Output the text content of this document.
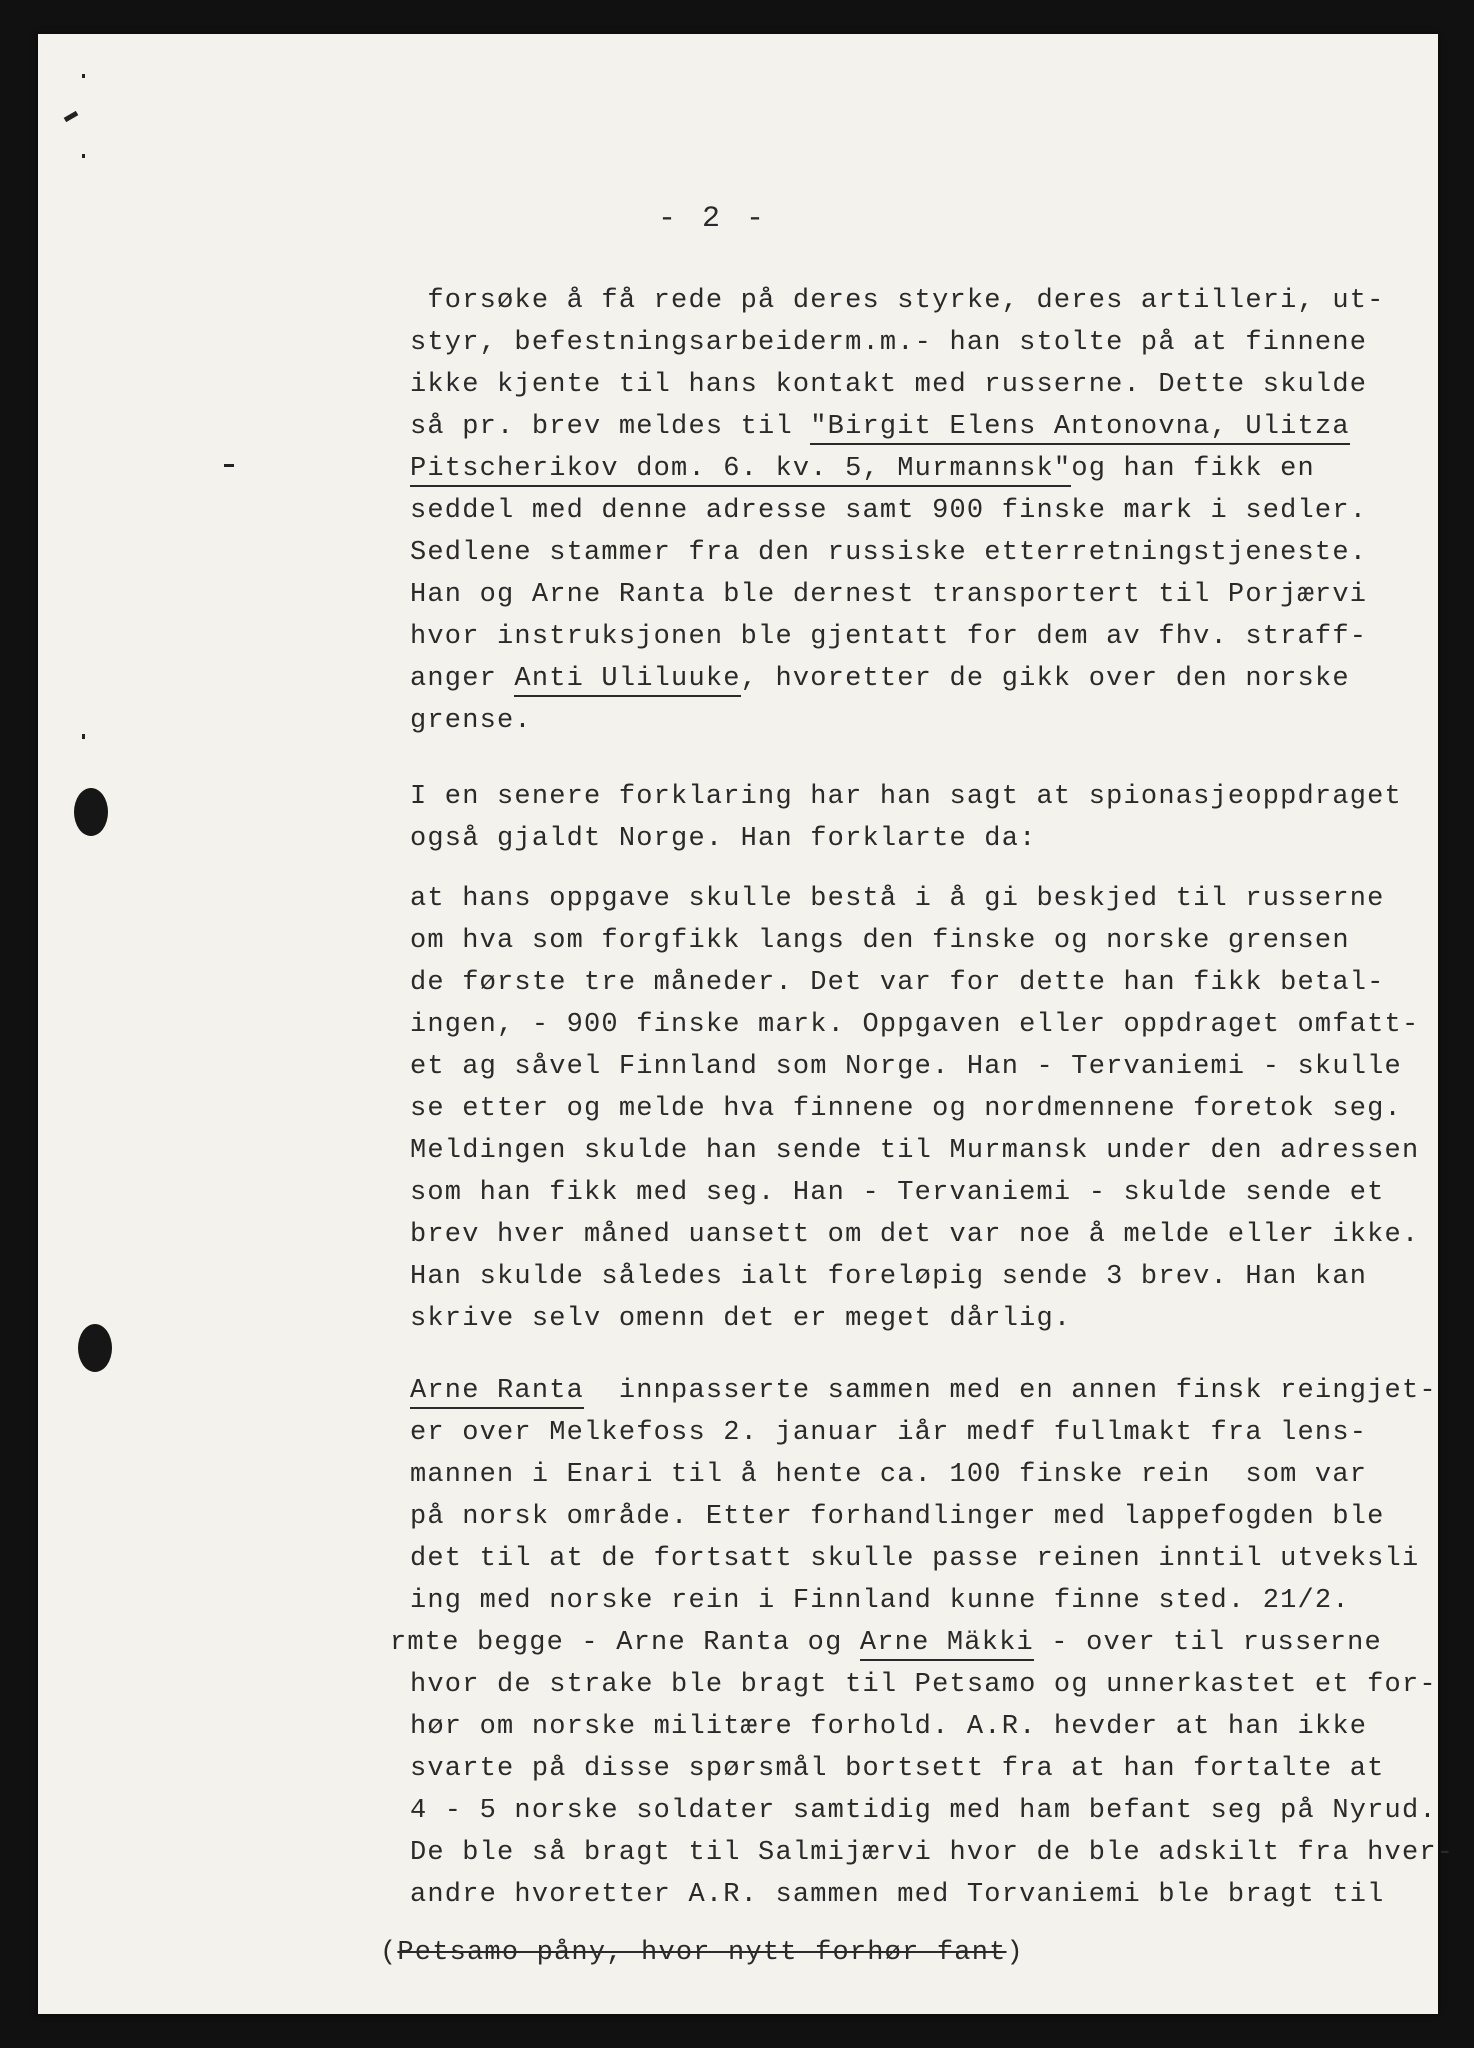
- 2 -
forsøke å få rede på deres styrke, deres artilleri, ut-
styr, befestningsarbeiderm.m.- han stolte på at finnene
ikke kjente til hans kontakt med russerne. Dette skulde
så pr. brev meldes til "Birgit Elens Antonovna, Ulitza
Pitscherikov dom. 6. kv. 5, Murmannsk"og han fikk en
seddel med denne adresse samt 900 finske mark i sedler.
Sedlene stammer fra den russiske etterretningstjeneste.
Han og Arne Ranta ble dernest transportert til Porjærvi
hvor instruksjonen ble gjentatt for dem av fhv. straff-
anger Anti Uliluuke, hvoretter de gikk over den norske
grense.
I en senere forklaring har han sagt at spionasjeoppdraget
også gjaldt Norge. Han forklarte da:
at hans oppgave skulle bestå i å gi beskjed til russerne
om hva som forgfikk langs den finske og norske grensen
de første tre måneder. Det var for dette han fikk betal-
ingen, - 900 finske mark. Oppgaven eller oppdraget omfatt-
et ag såvel Finnland som Norge. Han - Tervaniemi - skulle
se etter og melde hva finnene og nordmennene foretok seg.
Meldingen skulde han sende til Murmansk under den adressen
som han fikk med seg. Han - Tervaniemi - skulde sende et
brev hver måned uansett om det var noe å melde eller ikke.
Han skulde således ialt foreløpig sende 3 brev. Han kan
skrive selv omenn det er meget dårlig.
Arne Ranta  innpasserte sammen med en annen finsk reingjet-
er over Melkefoss 2. januar iår medf fullmakt fra lens-
mannen i Enari til å hente ca. 100 finske rein  som var
på norsk område. Etter forhandlinger med lappefogden ble
det til at de fortsatt skulle passe reinen inntil utveksli
ing med norske rein i Finnland kunne finne sted. 21/2.
rmte begge - Arne Ranta og Arne Mäkki - over til russerne
hvor de strake ble bragt til Petsamo og unnerkastet et for-
hør om norske militære forhold. A.R. hevder at han ikke
svarte på disse spørsmål bortsett fra at han fortalte at
4 - 5 norske soldater samtidig med ham befant seg på Nyrud.
De ble så bragt til Salmijærvi hvor de ble adskilt fra hver-
andre hvoretter A.R. sammen med Torvaniemi ble bragt til
(Petsamo påny, hvor nytt forhør fant)
